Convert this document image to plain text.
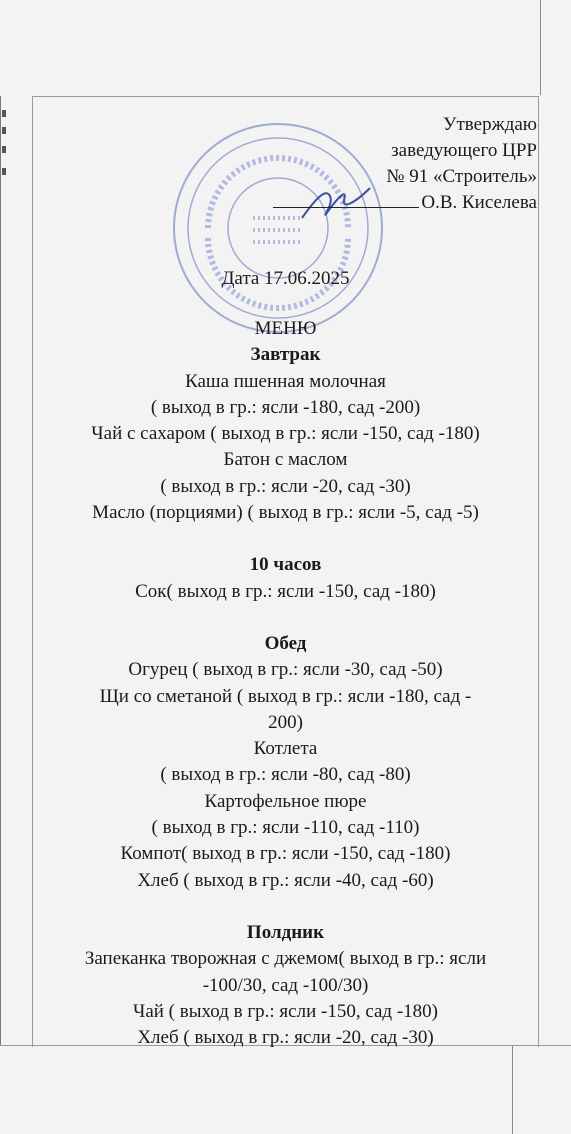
Утверждаю
заведующего ЦРР
№ 91 «Строитель»
О.В. Киселева
Дата 17.06.2025
МЕНЮ
Завтрак
Каша пшенная молочная
( выход в гр.: ясли -180, сад -200)
Чай с сахаром ( выход в гр.: ясли -150, сад -180)
Батон с маслом
( выход в гр.: ясли -20, сад -30)
Масло (порциями) ( выход в гр.: ясли -5, сад -5)
10 часов
Сок( выход в гр.: ясли -150, сад -180)
Обед
Огурец ( выход в гр.: ясли -30, сад -50)
Щи со сметаной ( выход в гр.: ясли -180, сад -
200)
Котлета
( выход в гр.: ясли -80, сад -80)
Картофельное пюре
( выход в гр.: ясли -110, сад -110)
Компот( выход в гр.: ясли -150, сад -180)
Хлеб ( выход в гр.: ясли -40, сад -60)
Полдник
Запеканка творожная с джемом( выход в гр.: ясли
-100/30, сад -100/30)
Чай ( выход в гр.: ясли -150, сад -180)
Хлеб ( выход в гр.: ясли -20, сад -30)
